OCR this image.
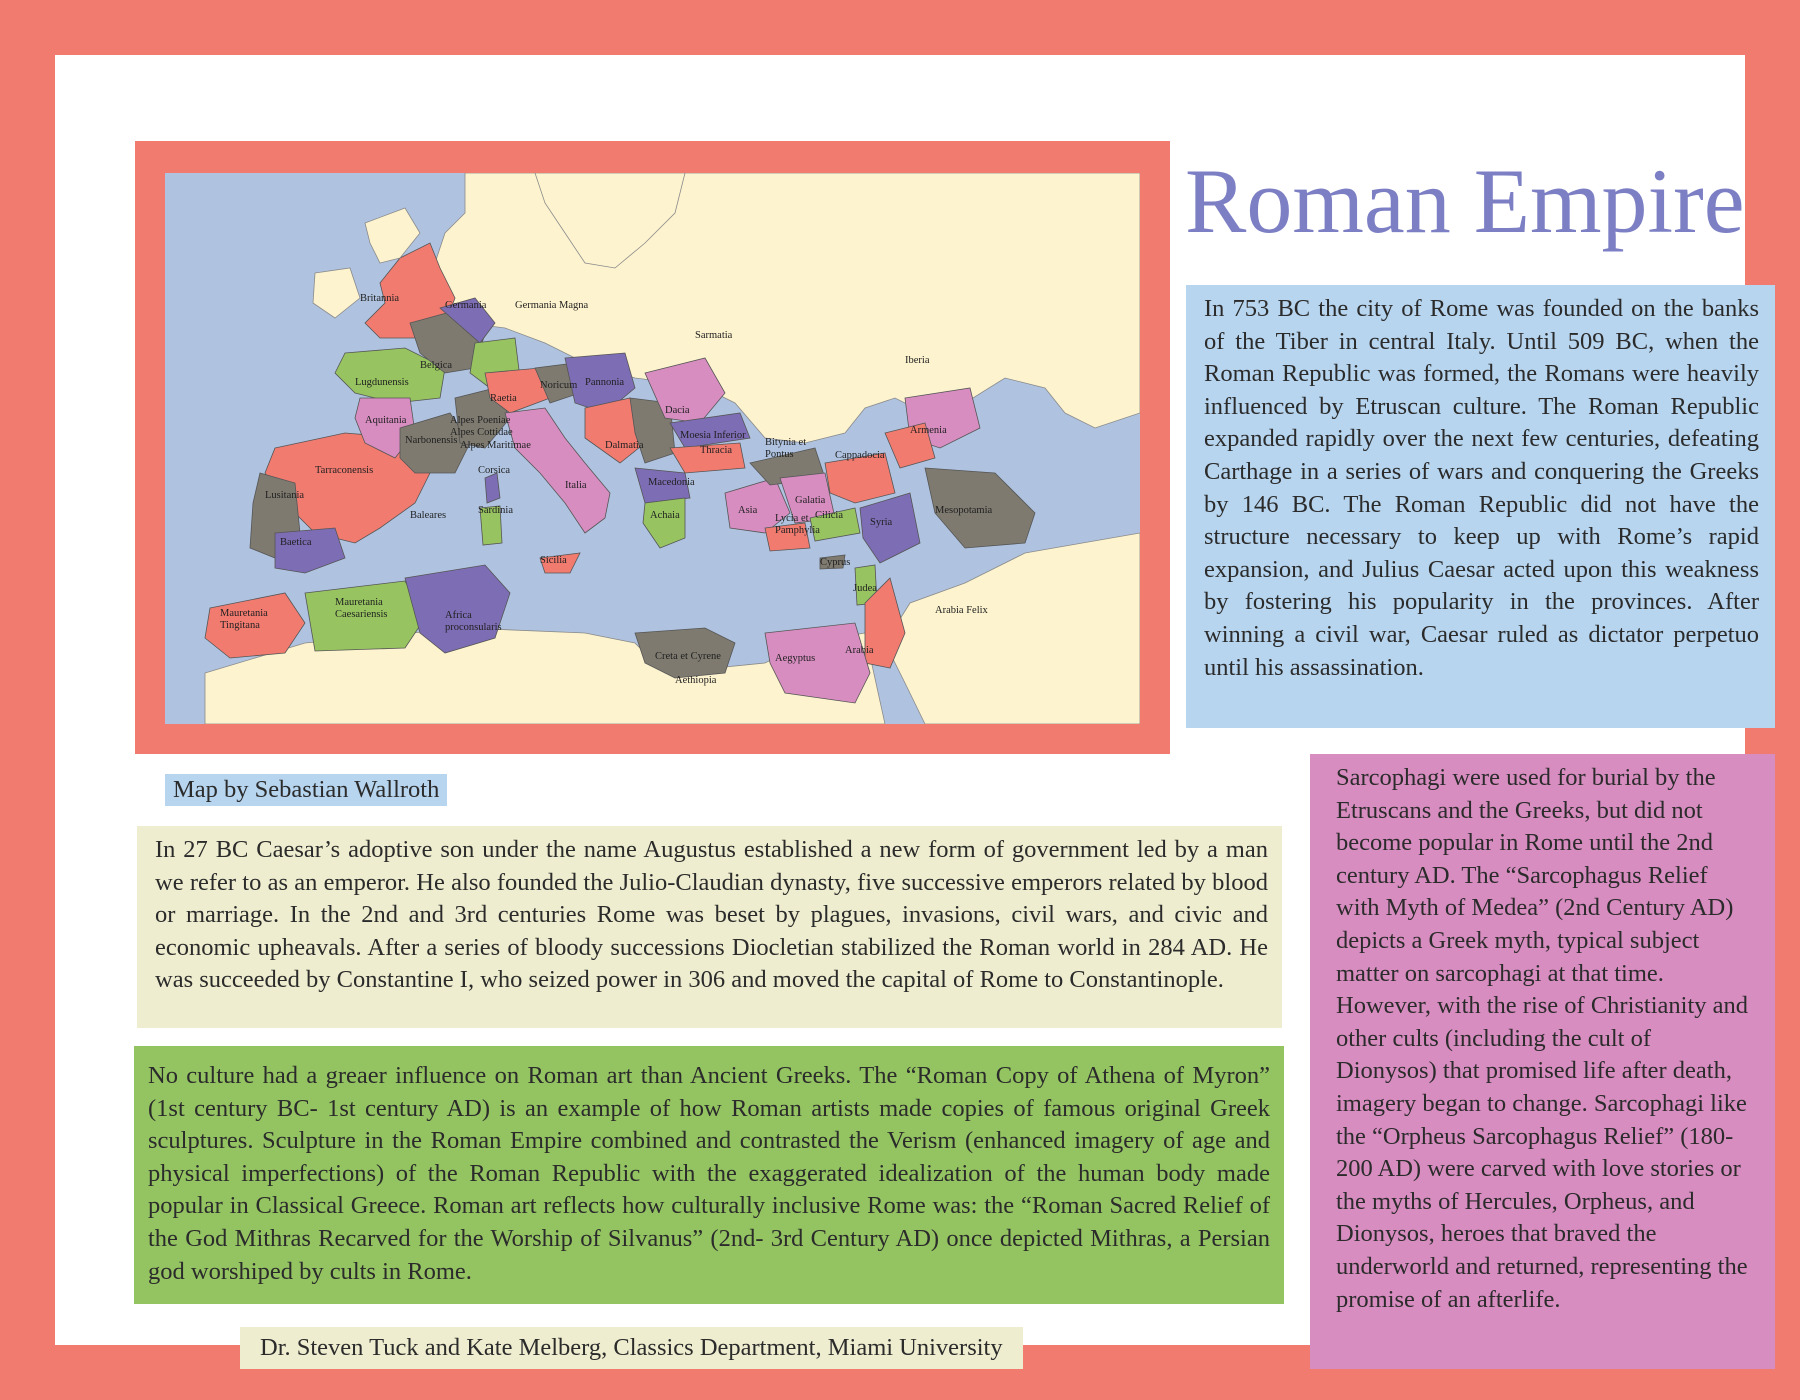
Britannia
Germania	Germania Magna
Sarmatia
Belgica
Lugdunensis
Aquitania
Raetia
Noricum Pannonia
Dacia
Moesia Inferior
Narbonensis
Alpes Poeniae
Alpes Cottidae
Alpes Maritimae	Dalmatia	Thracia
Tarraconensis
Lusitania
Baetica
Baleares
Corsica
Sardinia
Italia
Sicilia
Macedonia
Achaia	Asia
Galatia
Bitynia et
Pontus	Cappadocia
Armenia
Iberia
Mesopotamia
Lycia et
Pamphylia
Cilicia
Syria
Cyprus
Judea
Arabia
Arabia Felix
Aegyptus
Creta et Cyrene
Aethiopia
Africa
proconsularis
Mauretania
Caesariensis
Mauretania
Tingitana
Roman Empire

In 753 BC the city of Rome was founded on the banks of the Tiber in central Italy. Until 509 BC, when the Roman Republic was formed, the Romans were heavily influenced by Etruscan culture. The Roman Republic expanded rapidly over the next few centuries, defeating Carthage in a series of wars and conquering the Greeks by 146 BC. The Roman Republic did not have the structure necessary to keep up with Rome’s rapid expansion, and Julius Caesar acted upon this weakness by fostering his popularity in the provinces. After winning a civil war, Caesar ruled as dictator perpetuo until his assassination.

Map by Sebastian Wallroth

In 27 BC Caesar’s adoptive son under the name Augustus established a new form of government led by a man we refer to as an emperor. He also founded the Julio-Claudian dynasty, five successive emperors related by blood or marriage. In the 2nd and 3rd centuries Rome was beset by plagues, invasions, civil wars, and civic and economic upheavals. After a series of bloody successions Diocletian stabilized the Roman world in 284 AD. He was succeeded by Constantine I, who seized power in 306 and moved the capital of Rome to Constantinople.

No culture had a greaer influence on Roman art than Ancient Greeks. The “Roman Copy of Athena of Myron” (1st century BC- 1st century AD) is an example of how Roman artists made copies of famous original Greek sculptures. Sculpture in the Roman Empire combined and contrasted the Verism (enhanced imagery of age and physical imperfections) of the Roman Republic with the exaggerated idealization of the human body made popular in Classical Greece. Roman art reflects how culturally inclusive Rome was: the “Roman Sacred Relief of the God Mithras Recarved for the Worship of Silvanus” (2nd- 3rd Century AD) once depicted Mithras, a Persian god worshiped by cults in Rome.

Sarcophagi were used for burial by the Etruscans and the Greeks, but did not become popular in Rome until the 2nd century AD. The “Sarcophagus Relief with Myth of Medea” (2nd Century AD) depicts a Greek myth, typical subject matter on sarcophagi at that time. However, with the rise of Christianity and other cults (including the cult of Dionysos) that promised life after death, imagery began to change. Sarcophagi like the “Orpheus Sarcophagus Relief” (180-200 AD) were carved with love stories or the myths of Hercules, Orpheus, and Dionysos, heroes that braved the underworld and returned, representing the promise of an afterlife.

Dr. Steven Tuck and Kate Melberg, Classics Department, Miami University
